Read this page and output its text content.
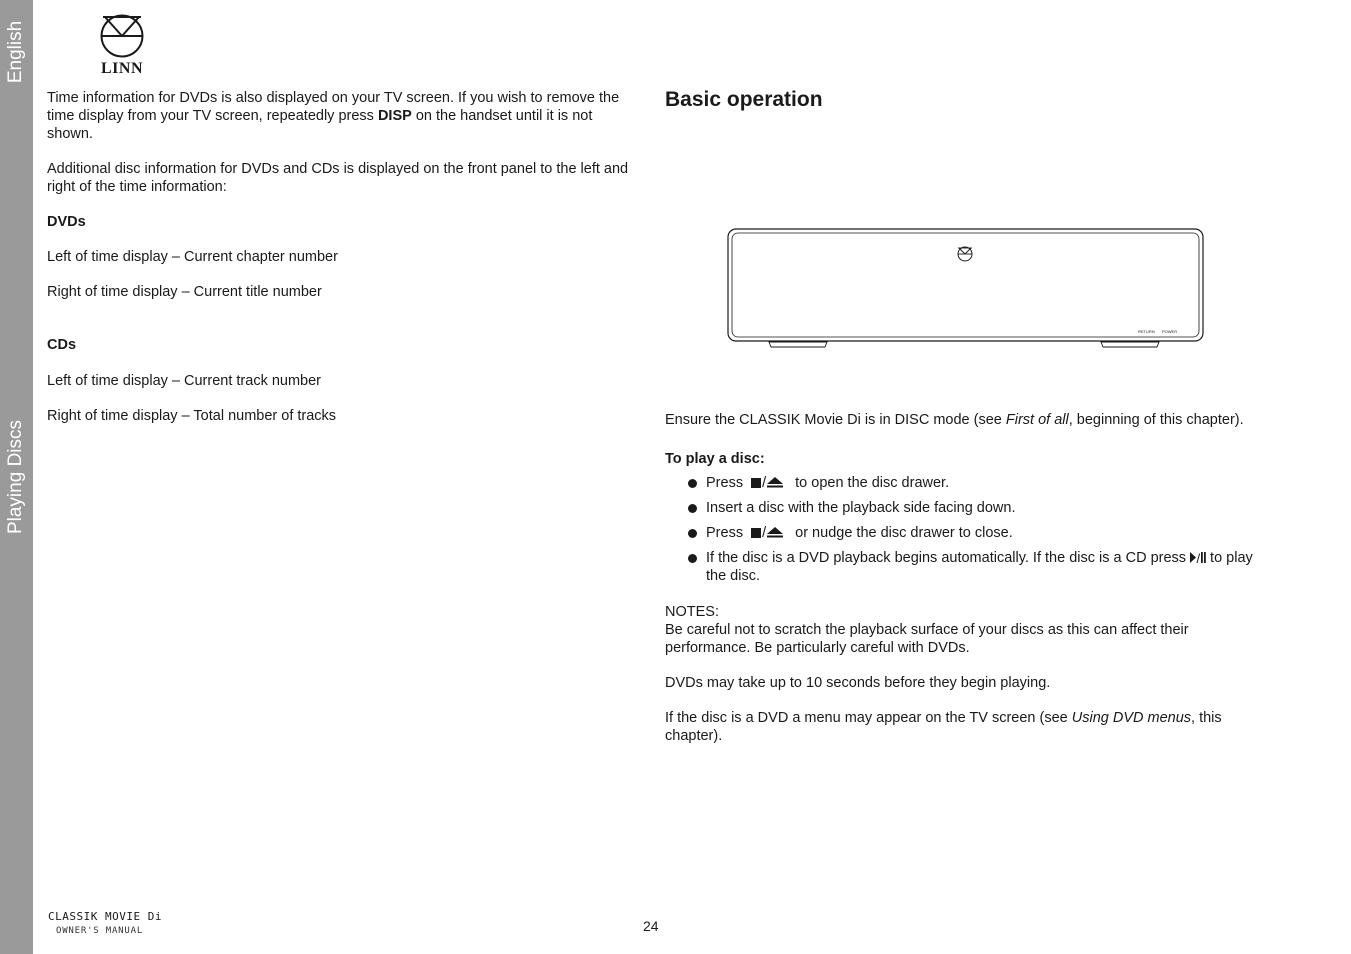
English
Playing Discs
LINN

Time information for DVDs is also displayed on your TV screen. If you wish to remove the time display from your TV screen, repeatedly press DISP on the handset until it is not shown.

Additional disc information for DVDs and CDs is displayed on the front panel to the left and right of the time information:

DVDs

Left of time display – Current chapter number

Right of time display – Current title number

CDs

Left of time display – Current track number

Right of time display – Total number of tracks

Basic operation
RETURN POWER

Ensure the CLASSIK Movie Di is in DISC mode (see First of all, beginning of this chapter).

To play a disc:

Press / to open the disc drawer.
Insert a disc with the playback side facing down.
Press / or nudge the disc drawer to close.
If the disc is a DVD playback begins automatically. If the disc is a CD press / to play the disc.

NOTES:

Be careful not to scratch the playback surface of your discs as this can affect their performance. Be particularly careful with DVDs.

DVDs may take up to 10 seconds before they begin playing.

If the disc is a DVD a menu may appear on the TV screen (see Using DVD menus, this chapter).

CLASSIK MOVIE Di
OWNER'S MANUAL	24
